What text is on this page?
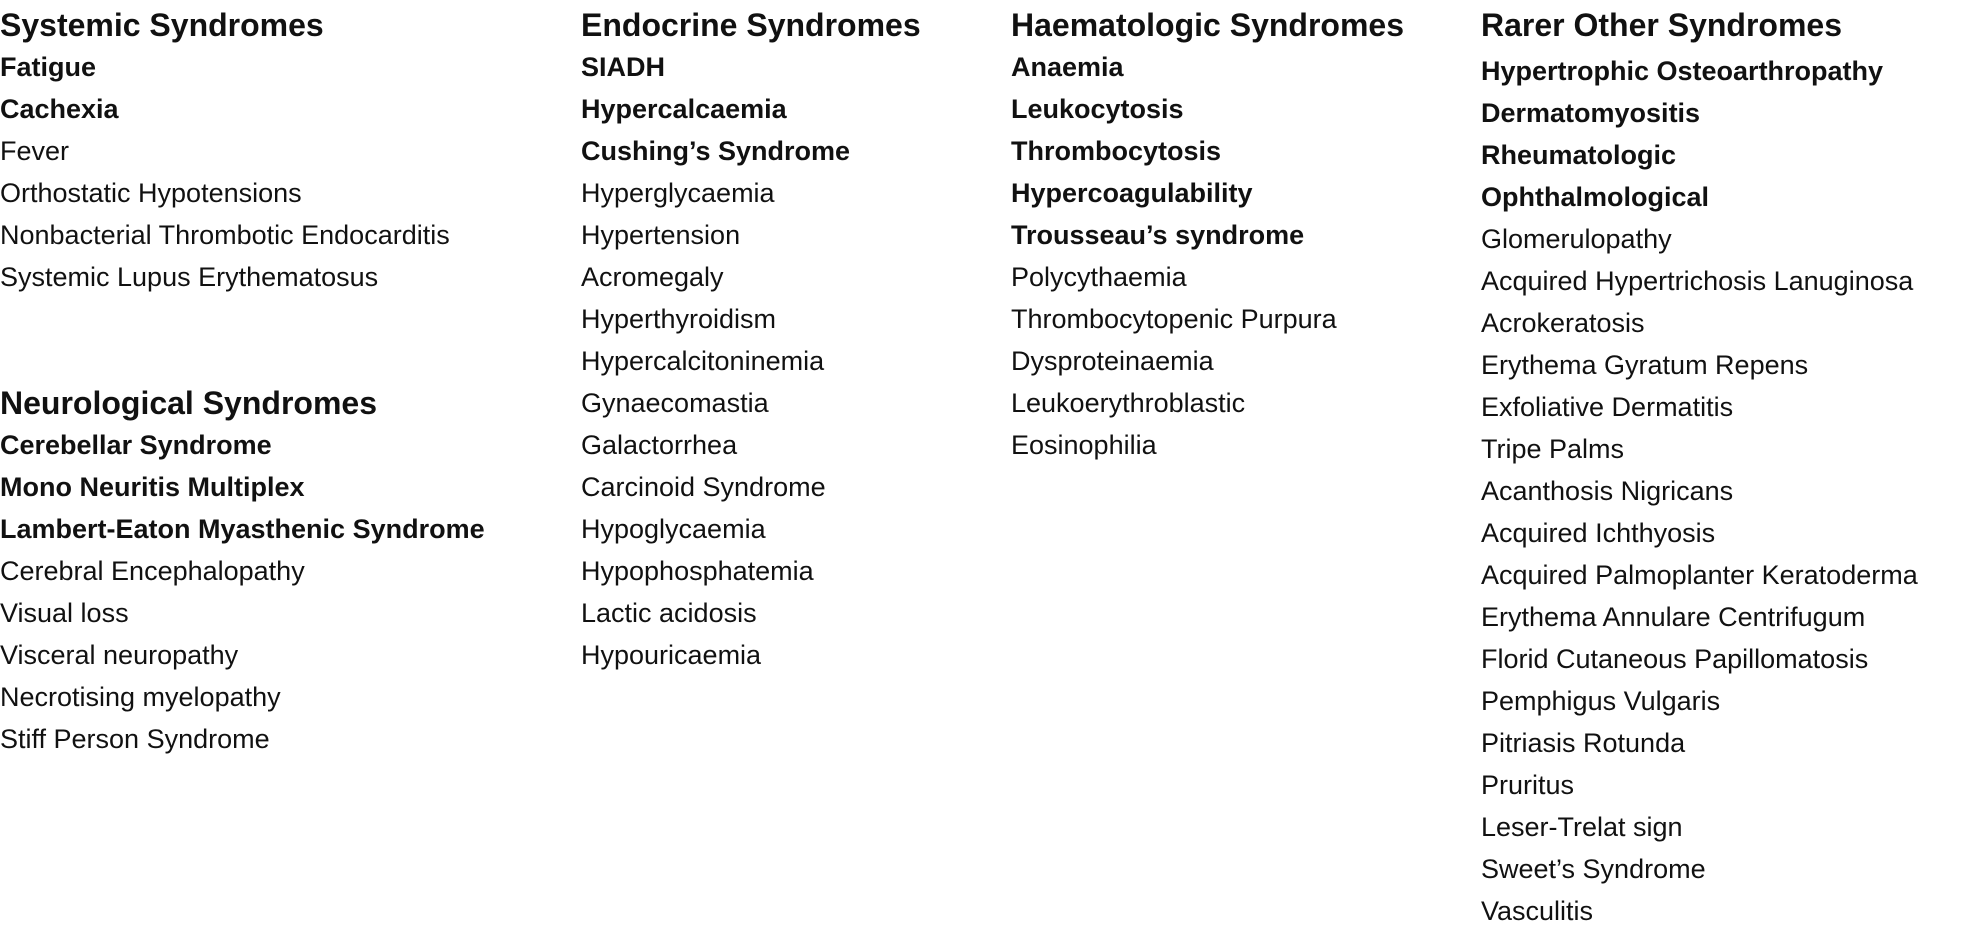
Systemic Syndromes
Fatigue
Cachexia
Fever
Orthostatic Hypotensions
Nonbacterial Thrombotic Endocarditis
Systemic Lupus Erythematosus
Neurological Syndromes
Cerebellar Syndrome
Mono Neuritis Multiplex
Lambert-Eaton Myasthenic Syndrome
Cerebral Encephalopathy
Visual loss
Visceral neuropathy
Necrotising myelopathy
Stiff Person Syndrome
Endocrine Syndromes
SIADH
Hypercalcaemia
Cushing’s Syndrome
Hyperglycaemia
Hypertension
Acromegaly
Hyperthyroidism
Hypercalcitoninemia
Gynaecomastia
Galactorrhea
Carcinoid Syndrome
Hypoglycaemia
Hypophosphatemia
Lactic acidosis
Hypouricaemia
Haematologic Syndromes
Anaemia
Leukocytosis
Thrombocytosis
Hypercoagulability
Trousseau’s syndrome
Polycythaemia
Thrombocytopenic Purpura
Dysproteinaemia
Leukoerythroblastic
Eosinophilia
Rarer Other Syndromes
Hypertrophic Osteoarthropathy
Dermatomyositis
Rheumatologic
Ophthalmological
Glomerulopathy
Acquired Hypertrichosis Lanuginosa
Acrokeratosis
Erythema Gyratum Repens
Exfoliative Dermatitis
Tripe Palms
Acanthosis Nigricans
Acquired Ichthyosis
Acquired Palmoplanter Keratoderma
Erythema Annulare Centrifugum
Florid Cutaneous Papillomatosis
Pemphigus Vulgaris
Pitriasis Rotunda
Pruritus
Leser-Trelat sign
Sweet’s Syndrome
Vasculitis
